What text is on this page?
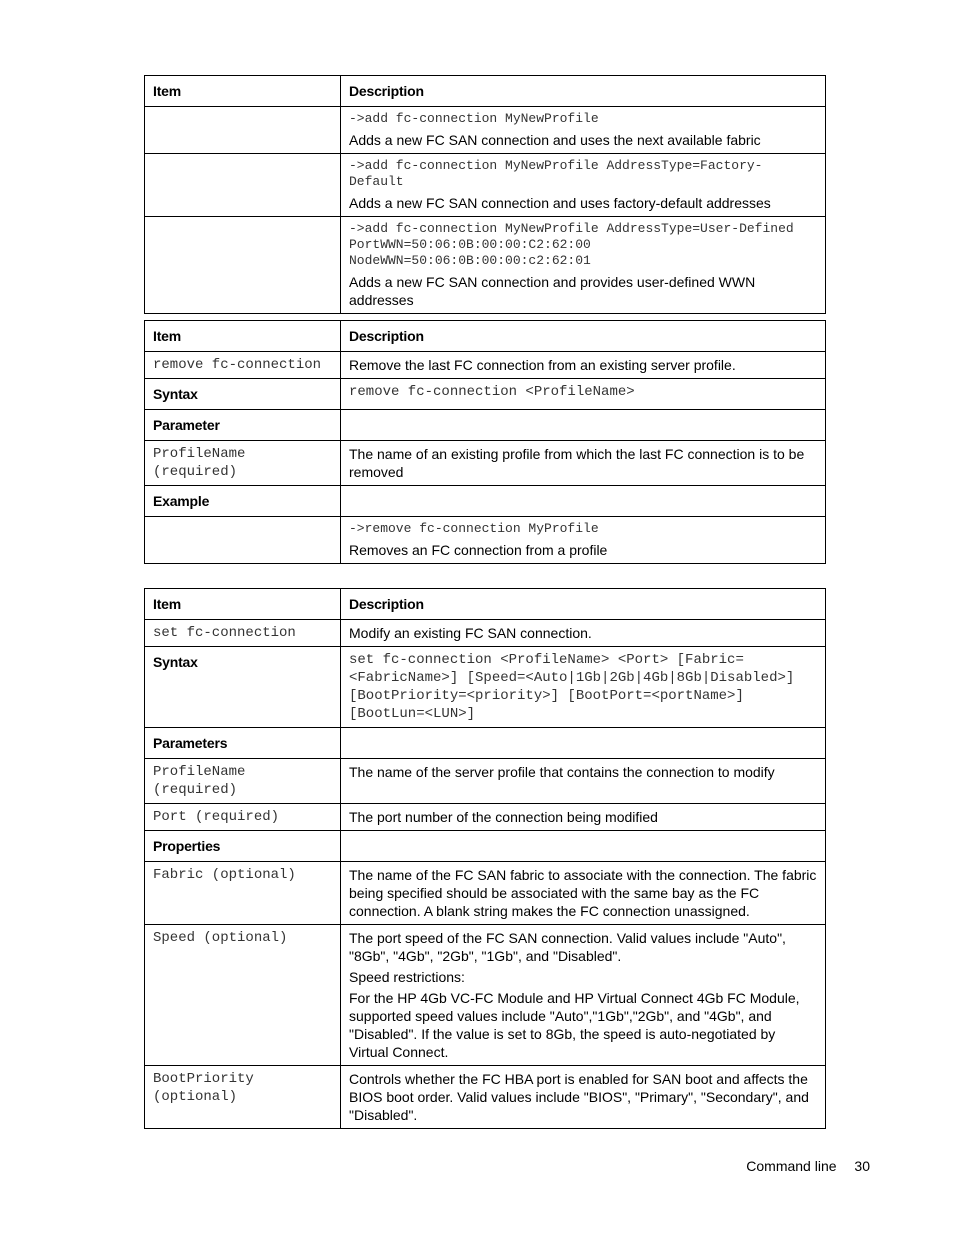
Item	Description

	->add fc-connection MyNewProfile

Adds a new FC SAN connection and uses the next available fabric

	->add fc-connection MyNewProfile AddressType=Factory-Default

Adds a new FC SAN connection and uses factory-default addresses

	->add fc-connection MyNewProfile AddressType=User-Defined PortWWN=50:06:0B:00:00:C2:62:00 NodeWWN=50:06:0B:00:00:c2:62:01

Adds a new FC SAN connection and provides user-defined WWN addresses

Item	Description
remove fc-connection	Remove the last FC connection from an existing server profile.
Syntax	remove fc-connection <ProfileName>
Parameter	
ProfileName (required)	The name of an existing profile from which the last FC connection is to be removed
Example	

	->remove fc-connection MyProfile

Removes an FC connection from a profile

Item	Description
set fc-connection	Modify an existing FC SAN connection.
Syntax	set fc-connection <ProfileName> <Port> [Fabric=<FabricName>] [Speed=<Auto|1Gb|2Gb|4Gb|8Gb|Disabled>] [BootPriority=<priority>] [BootPort=<portName>] [BootLun=<LUN>]
Parameters	
ProfileName (required)	The name of the server profile that contains the connection to modify
Port (required)	The port number of the connection being modified
Properties	
Fabric (optional)	The name of the FC SAN fabric to associate with the connection. The fabric being specified should be associated with the same bay as the FC connection. A blank string makes the FC connection unassigned.
Speed (optional)	The port speed of the FC SAN connection. Valid values include "Auto", "8Gb", "4Gb", "2Gb", "1Gb", and "Disabled".

Speed restrictions:

For the HP 4Gb VC-FC Module and HP Virtual Connect 4Gb FC Module, supported speed values include "Auto","1Gb","2Gb", and "4Gb", and "Disabled". If the value is set to 8Gb, the speed is auto-negotiated by Virtual Connect.

BootPriority (optional)	Controls whether the FC HBA port is enabled for SAN boot and affects the BIOS boot order. Valid values include "BIOS", "Primary", "Secondary", and "Disabled".
Command line 30
